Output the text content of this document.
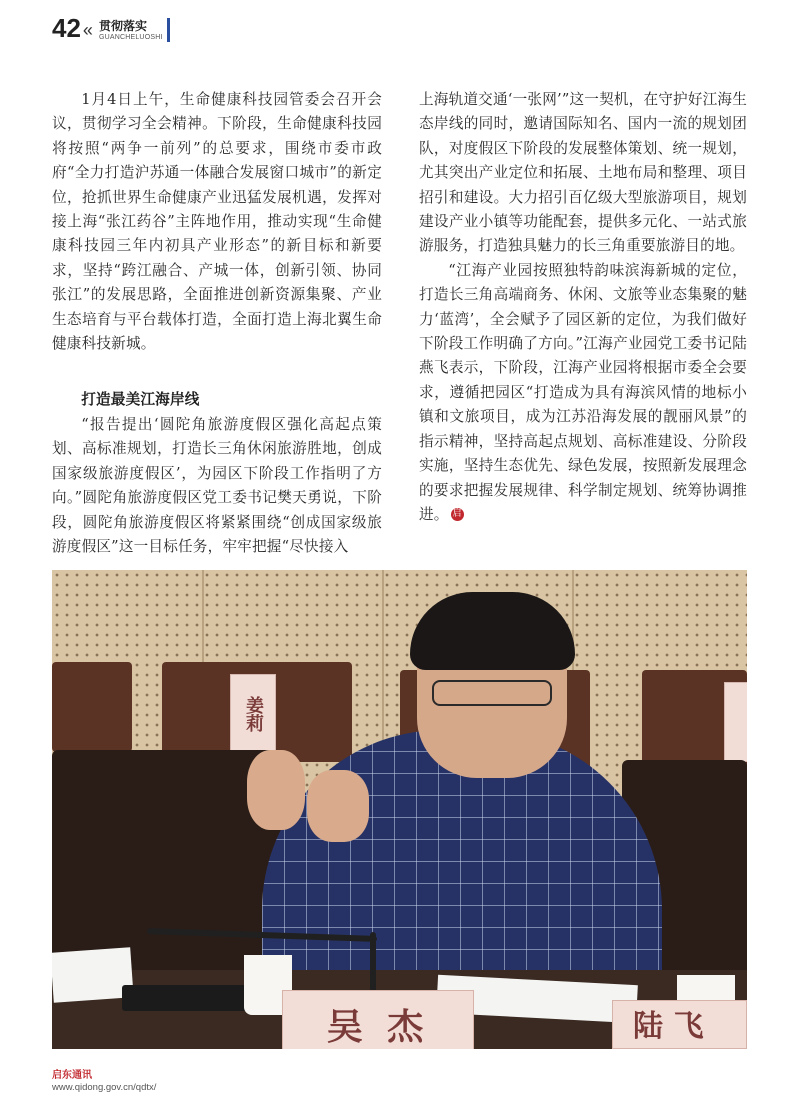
42 « 贯彻落实
GUANCHELUOSHI

1月4日上午，生命健康科技园管委会召开会议，贯彻学习全会精神。下阶段，生命健康科技园将按照“两争一前列”的总要求，围绕市委市政府“全力打造沪苏通一体融合发展窗口城市”的新定位，抢抓世界生命健康产业迅猛发展机遇，发挥对接上海“张江药谷”主阵地作用，推动实现“生命健康科技园三年内初具产业形态”的新目标和新要求，坚持“跨江融合、产城一体，创新引领、协同张江”的发展思路，全面推进创新资源集聚、产业生态培育与平台载体打造，全面打造上海北翼生命健康科技新城。

打造最美江海岸线

“报告提出‘圆陀角旅游度假区强化高起点策划、高标准规划，打造长三角休闲旅游胜地，创成国家级旅游度假区’，为园区下阶段工作指明了方向。”圆陀角旅游度假区党工委书记樊天勇说，下阶段，圆陀角旅游度假区将紧紧围绕“创成国家级旅游度假区”这一目标任务，牢牢把握“尽快接入

上海轨道交通‘一张网’”这一契机，在守护好江海生态岸线的同时，邀请国际知名、国内一流的规划团队，对度假区下阶段的发展整体策划、统一规划，尤其突出产业定位和拓展、土地布局和整理、项目招引和建设。大力招引百亿级大型旅游项目，规划建设产业小镇等功能配套，提供多元化、一站式旅游服务，打造独具魅力的长三角重要旅游目的地。

“江海产业园按照独特韵味滨海新城的定位，打造长三角高端商务、休闲、文旅等业态集聚的魅力‘蓝湾’，全会赋予了园区新的定位，为我们做好下阶段工作明确了方向。”江海产业园党工委书记陆燕飞表示，下阶段，江海产业园将根据市委全会要求，遵循把园区“打造成为具有海滨风情的地标小镇和文旅项目，成为江苏沿海发展的靓丽风景”的指示精神，坚持高起点规划、高标准建设、分阶段实施，坚持生态优先、绿色发展，按照新发展理念的要求把握发展规律、科学制定规划、统筹协调推进。 启

姜莉
吴 杰	陆 飞
启东通讯
www.qidong.gov.cn/qdtx/
